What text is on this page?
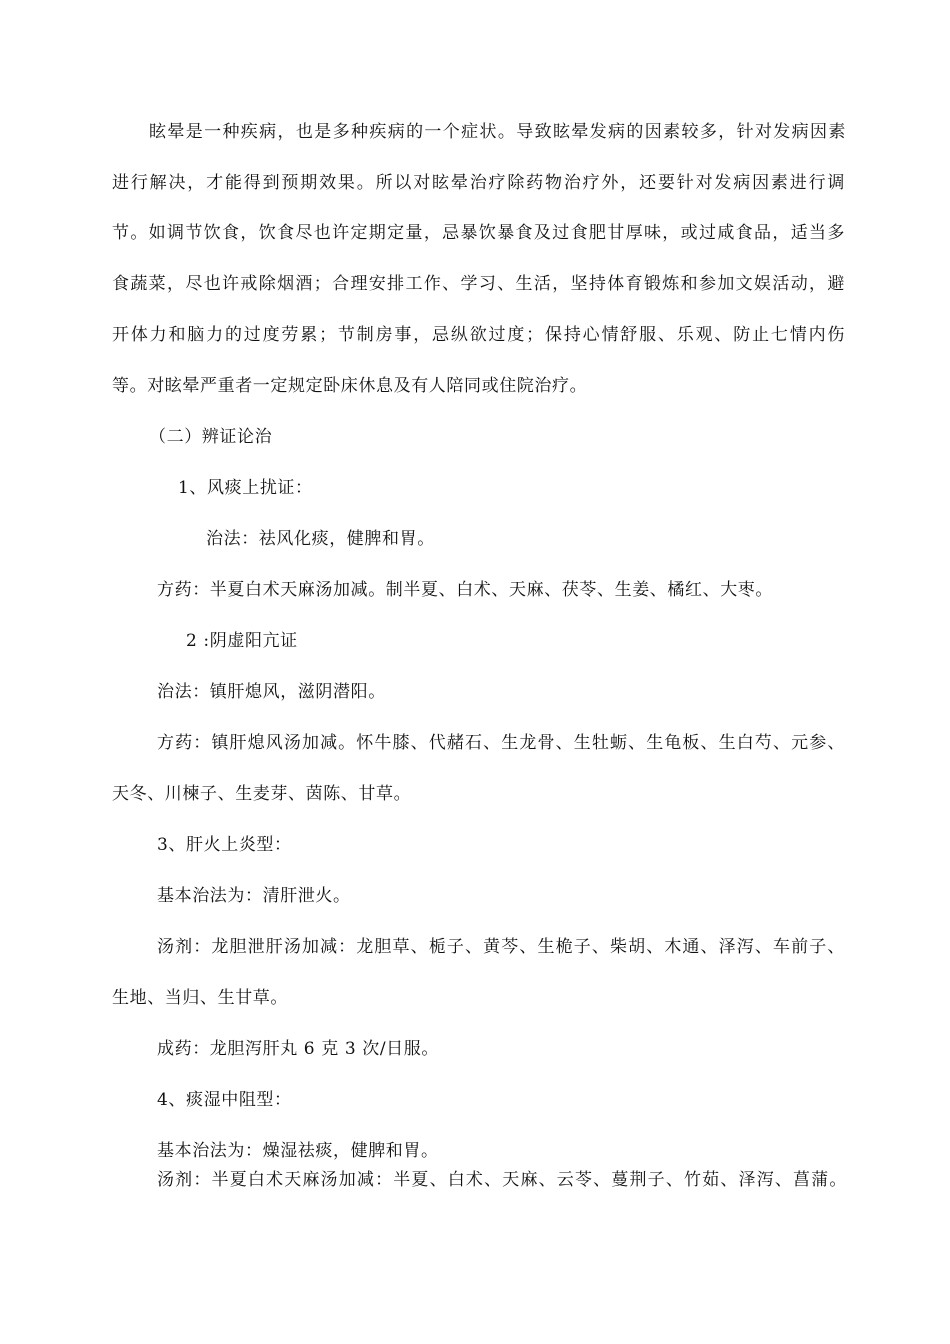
眩晕是一种疾病，也是多种疾病的一个症状。导致眩晕发病的因素较多，针对发病因素
进行解决，才能得到预期效果。所以对眩晕治疗除药物治疗外，还要针对发病因素进行调
节。如调节饮食，饮食尽也许定期定量，忌暴饮暴食及过食肥甘厚味，或过咸食品，适当多
食蔬菜，尽也许戒除烟酒；合理安排工作、学习、生活，坚持体育锻炼和参加文娱活动，避
开体力和脑力的过度劳累；节制房事，忌纵欲过度；保持心情舒服、乐观、防止七情内伤
等。对眩晕严重者一定规定卧床休息及有人陪同或住院治疗。
（二）辨证论治
1、风痰上扰证：
治法：祛风化痰，健脾和胃。
方药：半夏白术天麻汤加减。制半夏、白术、天麻、茯苓、生姜、橘红、大枣。
2 :阴虚阳亢证
治法：镇肝熄风，滋阴潜阳。
方药：镇肝熄风汤加减。怀牛膝、代赭石、生龙骨、生牡蛎、生龟板、生白芍、元参、
天冬、川楝子、生麦芽、茵陈、甘草。
3、肝火上炎型：
基本治法为：清肝泄火。
汤剂：龙胆泄肝汤加减：龙胆草、栀子、黄芩、生桅子、柴胡、木通、泽泻、车前子、
生地、当归、生甘草。
成药：龙胆泻肝丸 6 克 3 次/日服。
4、痰湿中阻型：
基本治法为：燥湿祛痰，健脾和胃。
汤剂：半夏白术天麻汤加减：半夏、白术、天麻、云苓、蔓荆子、竹茹、泽泻、菖蒲。
